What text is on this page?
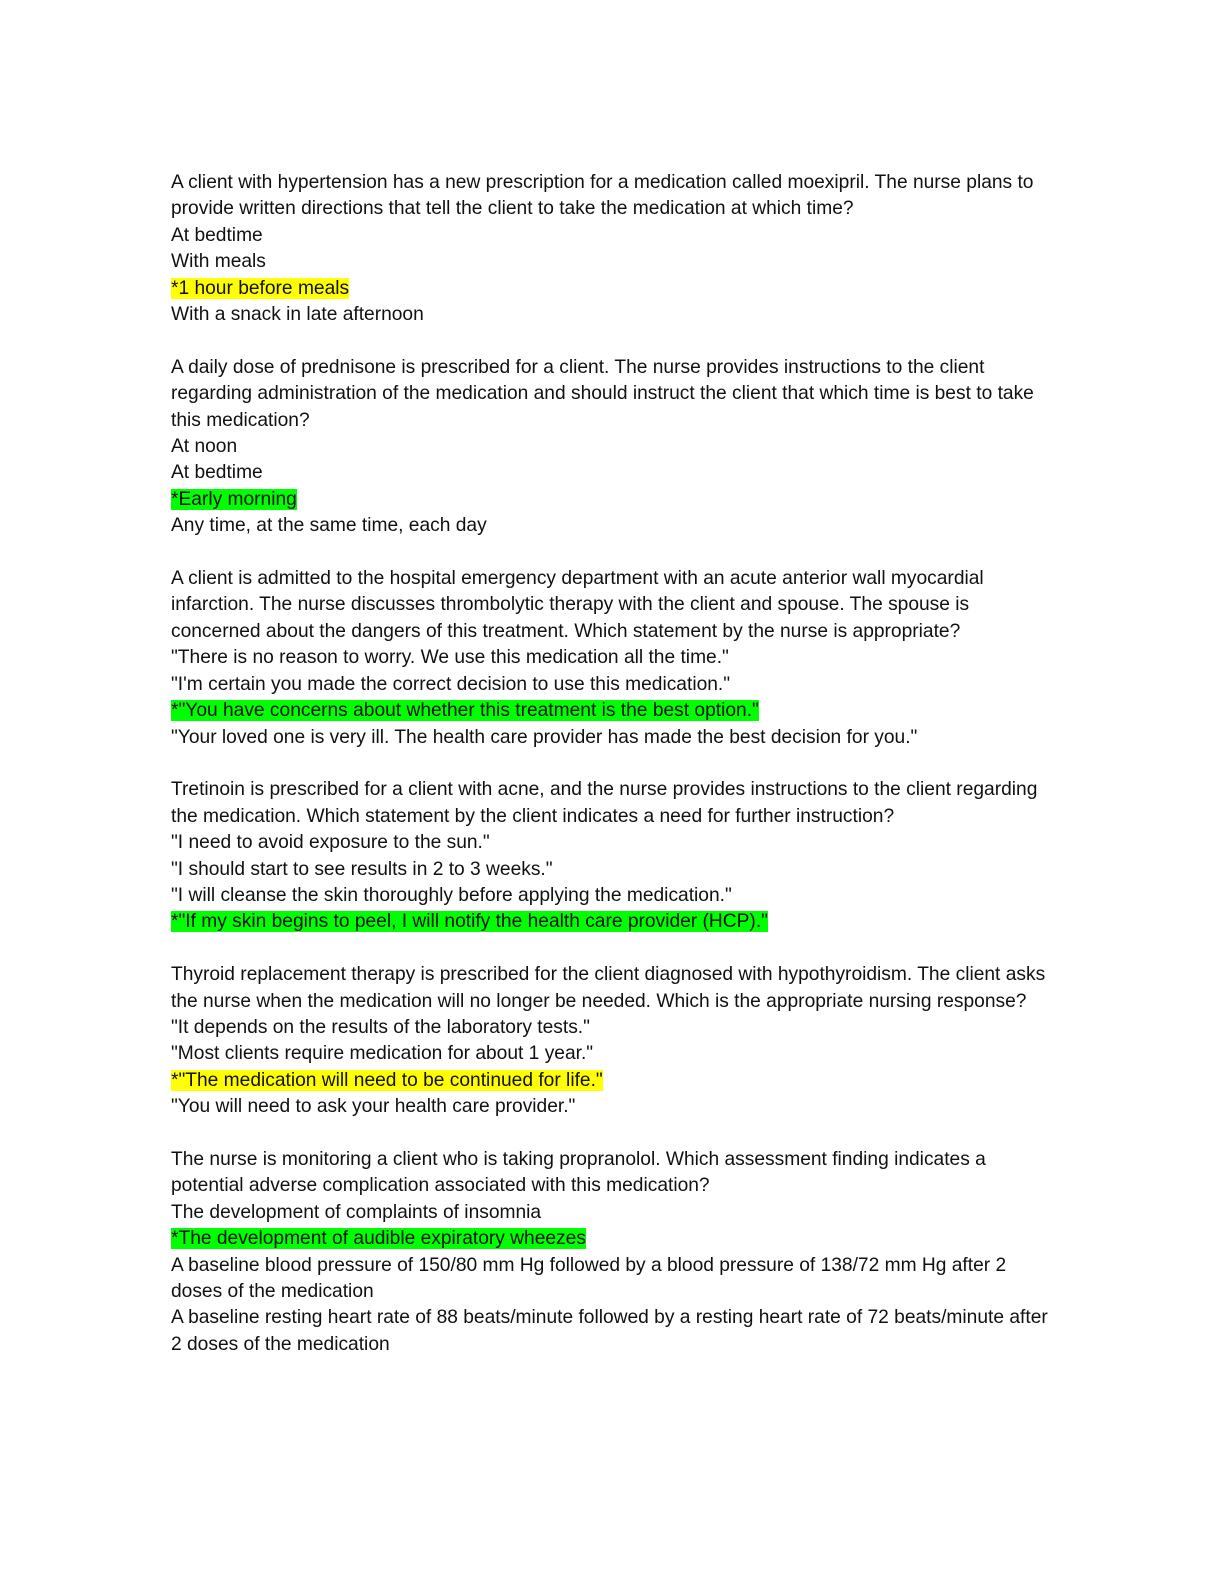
A client with hypertension has a new prescription for a medication called moexipril. The nurse plans to provide written directions that tell the client to take the medication at which time?

At bedtime
With meals
*1 hour before meals
With a snack in late afternoon

A daily dose of prednisone is prescribed for a client. The nurse provides instructions to the client regarding administration of the medication and should instruct the client that which time is best to take this medication?

At noon
At bedtime
*Early morning
Any time, at the same time, each day

A client is admitted to the hospital emergency department with an acute anterior wall myocardial infarction. The nurse discusses thrombolytic therapy with the client and spouse. The spouse is concerned about the dangers of this treatment. Which statement by the nurse is appropriate?

"There is no reason to worry. We use this medication all the time."
"I'm certain you made the correct decision to use this medication."
*"You have concerns about whether this treatment is the best option."
"Your loved one is very ill. The health care provider has made the best decision for you."

Tretinoin is prescribed for a client with acne, and the nurse provides instructions to the client regarding the medication. Which statement by the client indicates a need for further instruction?

"I need to avoid exposure to the sun."
"I should start to see results in 2 to 3 weeks."
"I will cleanse the skin thoroughly before applying the medication."
*"If my skin begins to peel, I will notify the health care provider (HCP)."

Thyroid replacement therapy is prescribed for the client diagnosed with hypothyroidism. The client asks the nurse when the medication will no longer be needed. Which is the appropriate nursing response?

"It depends on the results of the laboratory tests."
"Most clients require medication for about 1 year."
*"The medication will need to be continued for life."
"You will need to ask your health care provider."

The nurse is monitoring a client who is taking propranolol. Which assessment finding indicates a potential adverse complication associated with this medication?

The development of complaints of insomnia
*The development of audible expiratory wheezes
A baseline blood pressure of 150/80 mm Hg followed by a blood pressure of 138/72 mm Hg after 2 doses of the medication
A baseline resting heart rate of 88 beats/minute followed by a resting heart rate of 72 beats/minute after 2 doses of the medication
